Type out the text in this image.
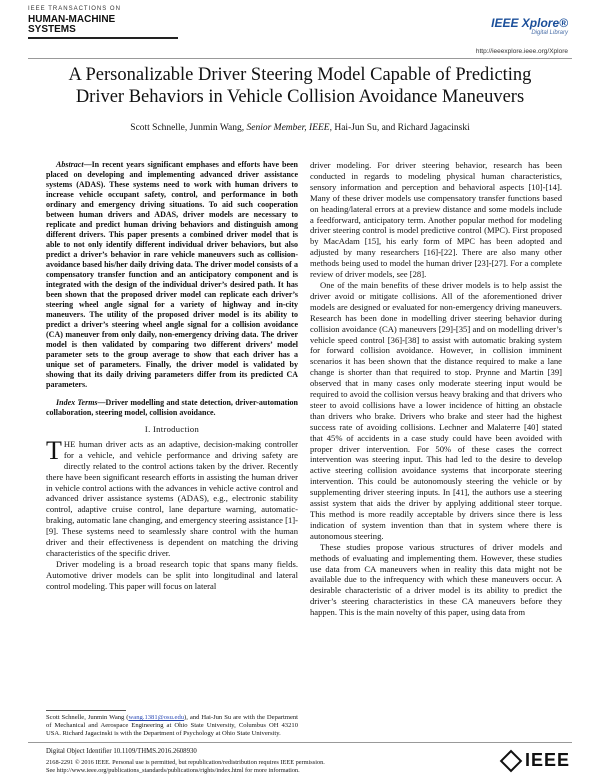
IEEE TRANSACTIONS ON
HUMAN-MACHINE SYSTEMS	IEEE Xplore®
Digital Library
http://ieeexplore.ieee.org/Xplore
A Personalizable Driver Steering Model Capable of Predicting
Driver Behaviors in Vehicle Collision Avoidance Maneuvers
Scott Schnelle, Junmin Wang, Senior Member, IEEE, Hai-Jun Su, and Richard Jagacinski

Abstract—In recent years significant emphases and efforts have been placed on developing and implementing advanced driver assistance systems (ADAS). These systems need to work with human drivers to increase vehicle occupant safety, control, and performance in both ordinary and emergency driving situations. To aid such cooperation between human drivers and ADAS, driver models are necessary to replicate and predict human driving behaviors and distinguish among different drivers. This paper presents a combined driver model that is able to not only identify different individual driver behaviors, but also predict a driver’s behavior in rare vehicle maneuvers such as collision-avoidance based his/her daily driving data. The driver model consists of a compensatory transfer function and an anticipatory component and is integrated with the design of the individual driver’s desired path. It has been shown that the proposed driver model can replicate each driver’s steering wheel angle signal for a variety of highway and in-city maneuvers. The utility of the proposed driver model is its ability to predict a driver’s steering wheel angle signal for a collision avoidance (CA) maneuver from only daily, non-emergency driving data. The driver model is then validated by comparing two different drivers’ model parameter sets to the group average to show that each driver has a unique set of parameters. Finally, the driver model is validated by showing that its daily driving parameters differ from its predicted CA parameters.

Index Terms—Driver modelling and state detection, driver-automation collaboration, steering model, collision avoidance.

I. Introduction

THE human driver acts as an adaptive, decision-making controller for a vehicle, and vehicle performance and driving safety are directly related to the control actions taken by the driver. Recently there have been significant research efforts in assisting the human driver in vehicle control actions with the advances in vehicle active control and advanced driver assistance systems (ADAS), e.g., electronic stability control, adaptive cruise control, lane departure warning, automatic-braking, automatic lane changing, and emergency steering assistance [1]-[9]. These systems need to seamlessly share control with the human driver and their effectiveness is dependent on matching the driving characteristics of the specific driver.

Driver modeling is a broad research topic that spans many fields. Automotive driver models can be split into longitudinal and lateral control modeling. This paper will focus on lateral

driver modeling. For driver steering behavior, research has been conducted in regards to modeling physical human characteristics, sensory information and perception and behavioral aspects [10]-[14]. Many of these driver models use compensatory transfer functions based on heading/lateral errors at a preview distance and some models include a feedforward, anticipatory term. Another popular method for modeling driver steering control is model predictive control (MPC). First proposed by MacAdam [15], his early form of MPC has been adopted and adjusted by many researchers [16]-[22]. There are also many other methods being used to model the human driver [23]-[27]. For a complete review of driver models, see [28].

One of the main benefits of these driver models is to help assist the driver avoid or mitigate collisions. All of the aforementioned driver models are designed or evaluated for non-emergency driving maneuvers. Research has been done in modelling driver steering behavior during collision avoidance (CA) maneuvers [29]-[35] and on modelling driver’s vehicle speed control [36]-[38] to assist with automatic braking system for forward collision avoidance. However, in collision imminent scenarios it has been shown that the distance required to make a lane change is shorter than that required to stop. Prynne and Martin [39] observed that in many cases only moderate steering input would be required to avoid the collision versus heavy braking and that drivers who steer to avoid collisions have a lower incidence of hitting an obstacle than drivers who brake. Drivers who brake and steer had the highest success rate of avoiding collisions. Lechner and Malaterre [40] stated that 45% of accidents in a case study could have been avoided with proper driver intervention. For 50% of these cases the correct intervention was steering input. This had led to the desire to develop active steering collision avoidance systems that incorporate steering intervention. This could be autonomously steering the vehicle or by supplementing driver steering inputs. In [41], the authors use a steering assist system that aids the driver by applying additional steer torque. This method is more readily acceptable by drivers since there is less indication of system invention than that in system where there is autonomous steering.

These studies propose various structures of driver models and methods of evaluating and implementing them. However, these studies use data from CA maneuvers when in reality this data might not be available due to the infrequency with which these maneuvers occur. A desirable characteristic of a driver model is its ability to predict the driver’s steering characteristics in these CA maneuvers before they happen. This is the main novelty of this paper, using data from

Scott Schnelle, Junmin Wang (wang.1381@osu.edu), and Hai-Jun Su are with the Department of Mechanical and Aerospace Engineering at Ohio State University, Columbus OH 43210 USA. Richard Jagacinski is with the Department of Psychology at Ohio State University.
Digital Object Identifier 10.1109/THMS.2016.2608930
2168-2291 © 2016 IEEE. Personal use is permitted, but republication/redistribution requires IEEE permission.
See http://www.ieee.org/publications_standards/publications/rights/index.html for more information.	IEEE
